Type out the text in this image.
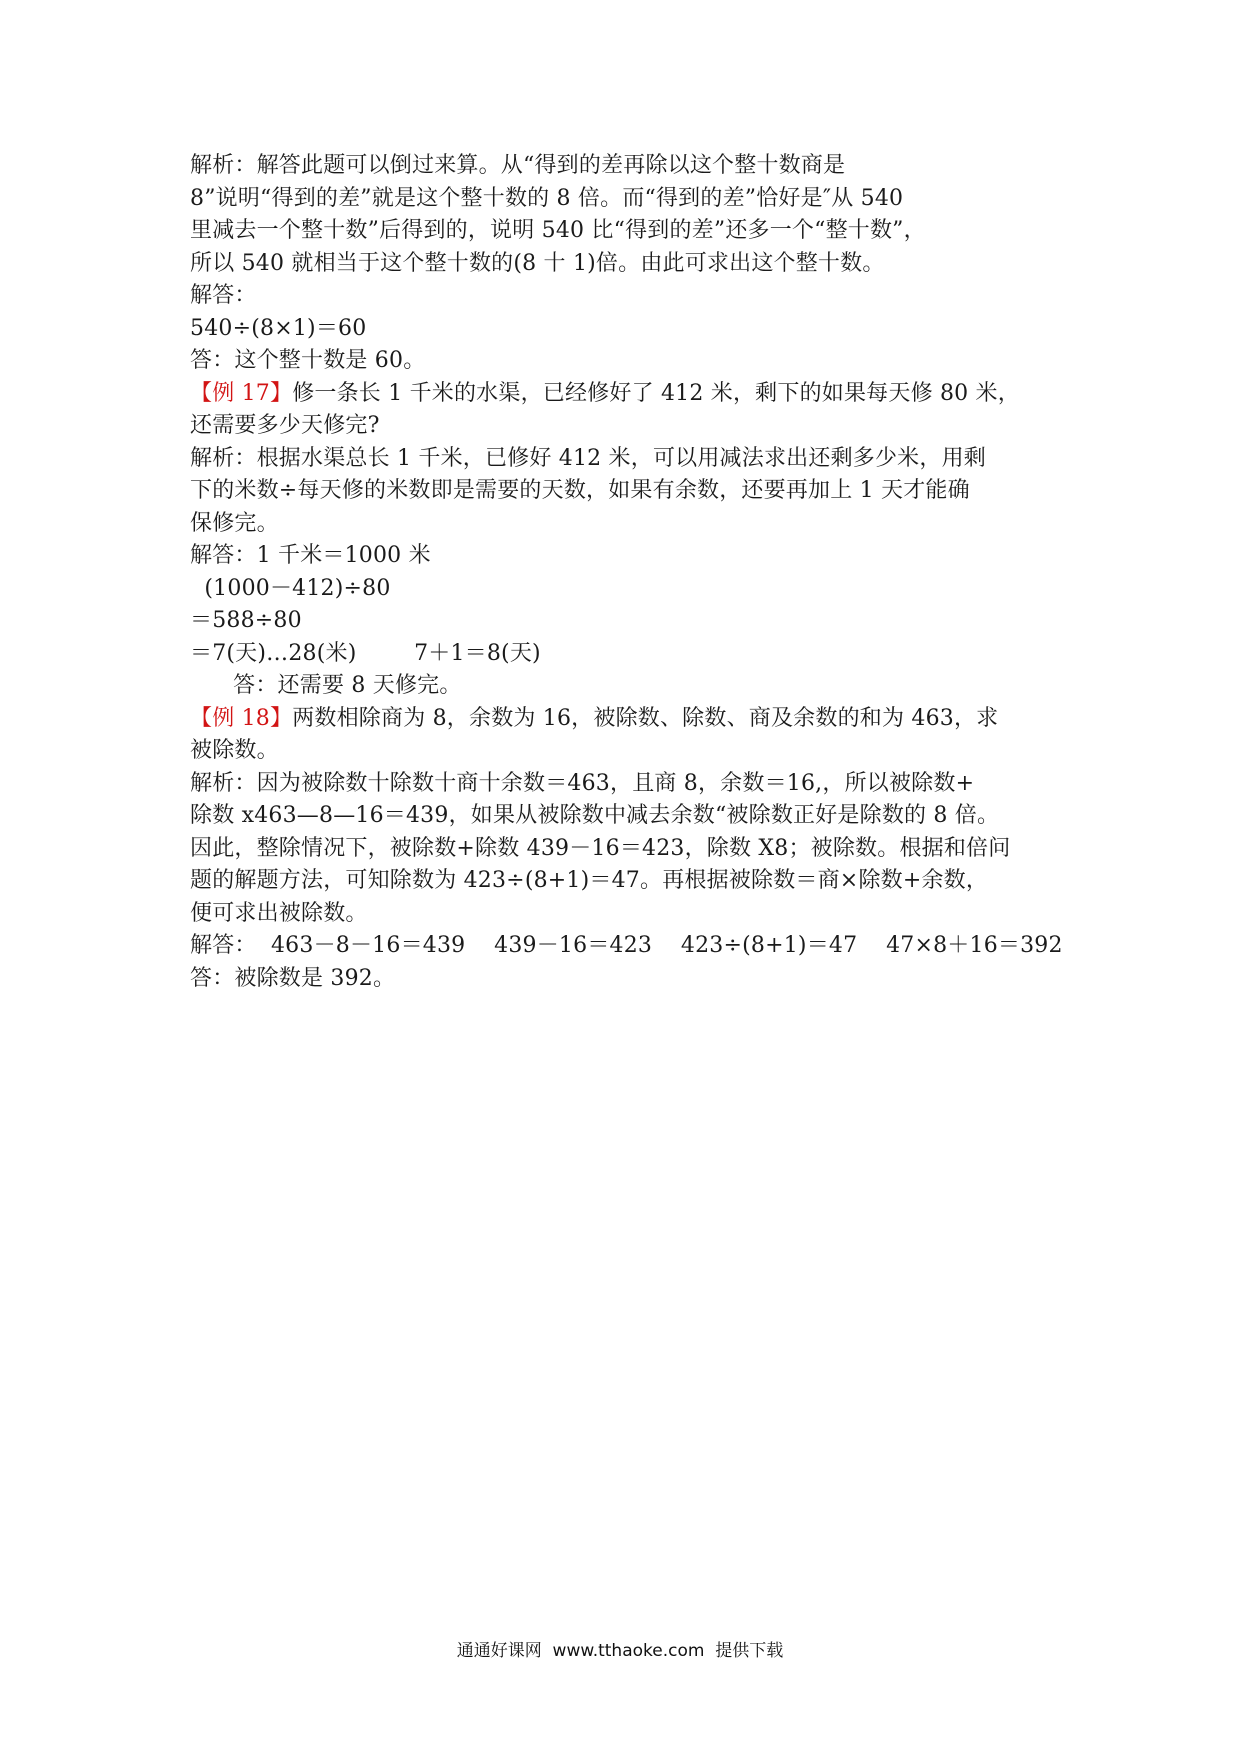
解析：解答此题可以倒过来算。从“得到的差再除以这个整十数商是
8”说明“得到的差”就是这个整十数的 8 倍。而“得到的差”恰好是″从 540
里减去一个整十数”后得到的，说明 540 比“得到的差”还多一个“整十数”，
所以 540 就相当于这个整十数的(8 十 1)倍。由此可求出这个整十数。
解答：
540÷(8×1)＝60
答：这个整十数是 60。
【例 17】修一条长 1 千米的水渠，已经修好了 412 米，剩下的如果每天修 80 米，
还需要多少天修完?
解析：根据水渠总长 1 千米，已修好 412 米，可以用减法求出还剩多少米，用剩
下的米数÷每天修的米数即是需要的天数，如果有余数，还要再加上 1 天才能确
保修完。
解答：1 千米＝1000 米
(1000－412)÷80
＝588÷80
＝7(天)…28(米)        7＋1＝8(天)
答：还需要 8 天修完。
【例 18】两数相除商为 8，余数为 16，被除数、除数、商及余数的和为 463，求
被除数。
解析：因为被除数十除数十商十余数＝463，且商 8，余数＝16,，所以被除数+
除数 x463—8—16＝439，如果从被除数中减去余数“被除数正好是除数的 8 倍。
因此，整除情况下，被除数+除数 439－16＝423，除数 X8；被除数。根据和倍问
题的解题方法，可知除数为 423÷(8+1)＝47。再根据被除数＝商×除数+余数，
便可求出被除数。
解答：  463－8－16＝439    439－16＝423    423÷(8+1)＝47    47×8＋16＝392
答：被除数是 392。
通通好课网  www.tthaoke.com  提供下载
